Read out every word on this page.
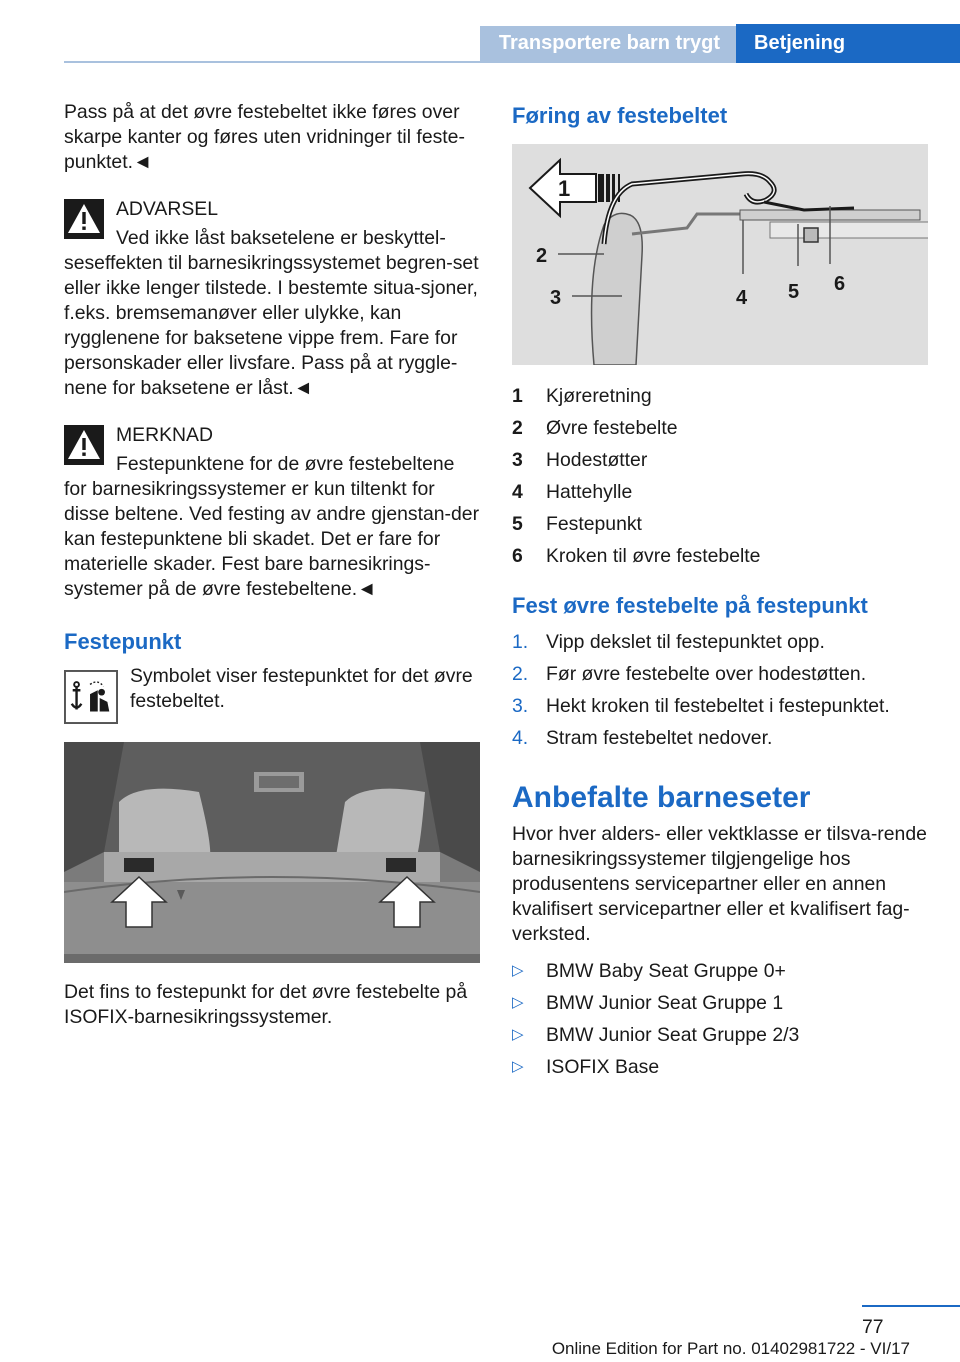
Transportere barn trygt	Betjening

Pass på at det øvre festebeltet ikke føres over skarpe kanter og føres uten vridninger til feste-punktet.◄

ADVARSEL
Ved ikke låst baksetelene er beskyttel-
seseffekten til barnesikringssystemet begren-set eller ikke lenger tilstede. I bestemte situa-sjoner, f.eks. bremsemanøver eller ulykke, kan rygglenene for baksetene vippe frem. Fare for personskader eller livsfare. Pass på at ryggle-nene for baksetene er låst.◄
MERKNAD
Festepunktene for de øvre festebeltene
for barnesikringssystemer er kun tiltenkt for disse beltene. Ved festing av andre gjenstan-der kan festepunktene bli skadet. Det er fare for materielle skader. Fest bare barnesikrings-systemer på de øvre festebeltene.◄
Festepunkt
Symbolet viser festepunktet for det øvre festebeltet.

Det fins to festepunkt for det øvre festebelte på ISOFIX-barnesikringssystemer.

Føring av festebeltet
1
2
3	4 5 6
1 Kjøreretning
2 Øvre festebelte
3 Hodestøtter
4 Hattehylle
5 Festepunkt
6 Kroken til øvre festebelte
Fest øvre festebelte på festepunkt
1. Vipp dekslet til festepunktet opp.
2. Før øvre festebelte over hodestøtten.
3. Hekt kroken til festebeltet i festepunktet.
4. Stram festebeltet nedover.
Anbefalte barneseter

Hvor hver alders- eller vektklasse er tilsva-rende barnesikringssystemer tilgjengelige hos produsentens servicepartner eller en annen kvalifisert servicepartner eller et kvalifisert fag-verksted.

▷ BMW Baby Seat Gruppe 0+
▷ BMW Junior Seat Gruppe 1
▷ BMW Junior Seat Gruppe 2/3
▷ ISOFIX Base
77
Online Edition for Part no. 01402981722 - VI/17
